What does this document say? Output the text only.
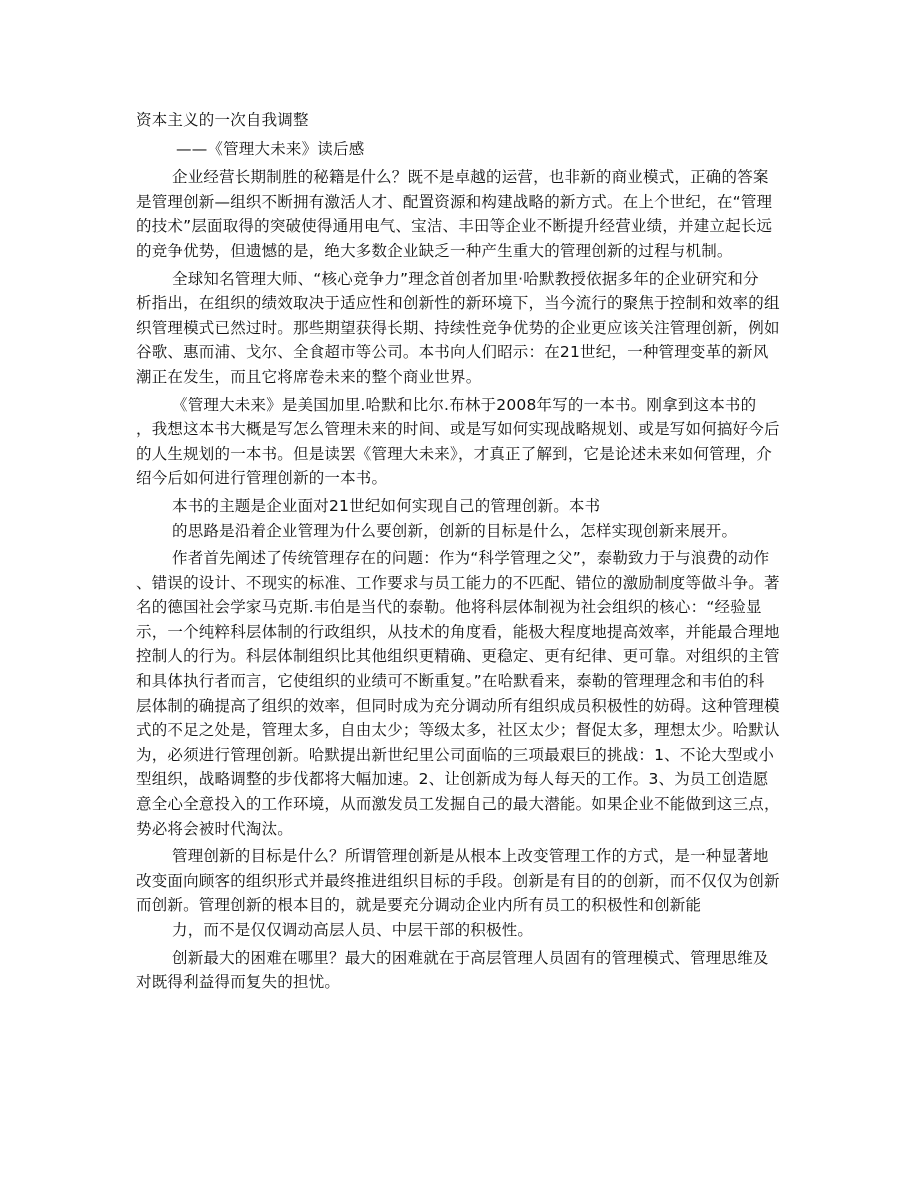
资本主义的一次自我调整
——《管理大未来》读后感
企业经营长期制胜的秘籍是什么？既不是卓越的运营，也非新的商业模式，正确的答案
是管理创新—组织不断拥有激活人才、配置资源和构建战略的新方式。在上个世纪，在“管理
的技术”层面取得的突破使得通用电气、宝洁、丰田等企业不断提升经营业绩，并建立起长远
的竞争优势，但遗憾的是，绝大多数企业缺乏一种产生重大的管理创新的过程与机制。
全球知名管理大师、“核心竞争力”理念首创者加里·哈默教授依据多年的企业研究和分
析指出，在组织的绩效取决于适应性和创新性的新环境下，当今流行的聚焦于控制和效率的组
织管理模式已然过时。那些期望获得长期、持续性竞争优势的企业更应该关注管理创新，例如
谷歌、惠而浦、戈尔、全食超市等公司。本书向人们昭示：在21世纪，一种管理变革的新风
潮正在发生，而且它将席卷未来的整个商业世界。
《管理大未来》是美国加里.哈默和比尔.布林于2008年写的一本书。刚拿到这本书的
，我想这本书大概是写怎么管理未来的时间、或是写如何实现战略规划、或是写如何搞好今后
的人生规划的一本书。但是读罢《管理大未来》，才真正了解到，它是论述未来如何管理，介
绍今后如何进行管理创新的一本书。
本书的主题是企业面对21世纪如何实现自己的管理创新。本书
的思路是沿着企业管理为什么要创新，创新的目标是什么，怎样实现创新来展开。
作者首先阐述了传统管理存在的问题：作为“科学管理之父”，泰勒致力于与浪费的动作
、错误的设计、不现实的标准、工作要求与员工能力的不匹配、错位的激励制度等做斗争。著
名的德国社会学家马克斯.韦伯是当代的泰勒。他将科层体制视为社会组织的核心：“经验显
示，一个纯粹科层体制的行政组织，从技术的角度看，能极大程度地提高效率，并能最合理地
控制人的行为。科层体制组织比其他组织更精确、更稳定、更有纪律、更可靠。对组织的主管
和具体执行者而言，它使组织的业绩可不断重复。”在哈默看来，泰勒的管理理念和韦伯的科
层体制的确提高了组织的效率，但同时成为充分调动所有组织成员积极性的妨碍。这种管理模
式的不足之处是，管理太多，自由太少；等级太多，社区太少；督促太多，理想太少。哈默认
为，必须进行管理创新。哈默提出新世纪里公司面临的三项最艰巨的挑战：1、不论大型或小
型组织，战略调整的步伐都将大幅加速。2、让创新成为每人每天的工作。3、为员工创造愿
意全心全意投入的工作环境，从而激发员工发掘自己的最大潜能。如果企业不能做到这三点，
势必将会被时代淘汰。
管理创新的目标是什么？所谓管理创新是从根本上改变管理工作的方式，是一种显著地
改变面向顾客的组织形式并最终推进组织目标的手段。创新是有目的的创新，而不仅仅为创新
而创新。管理创新的根本目的，就是要充分调动企业内所有员工的积极性和创新能
力，而不是仅仅调动高层人员、中层干部的积极性。
创新最大的困难在哪里？最大的困难就在于高层管理人员固有的管理模式、管理思维及
对既得利益得而复失的担忧。
